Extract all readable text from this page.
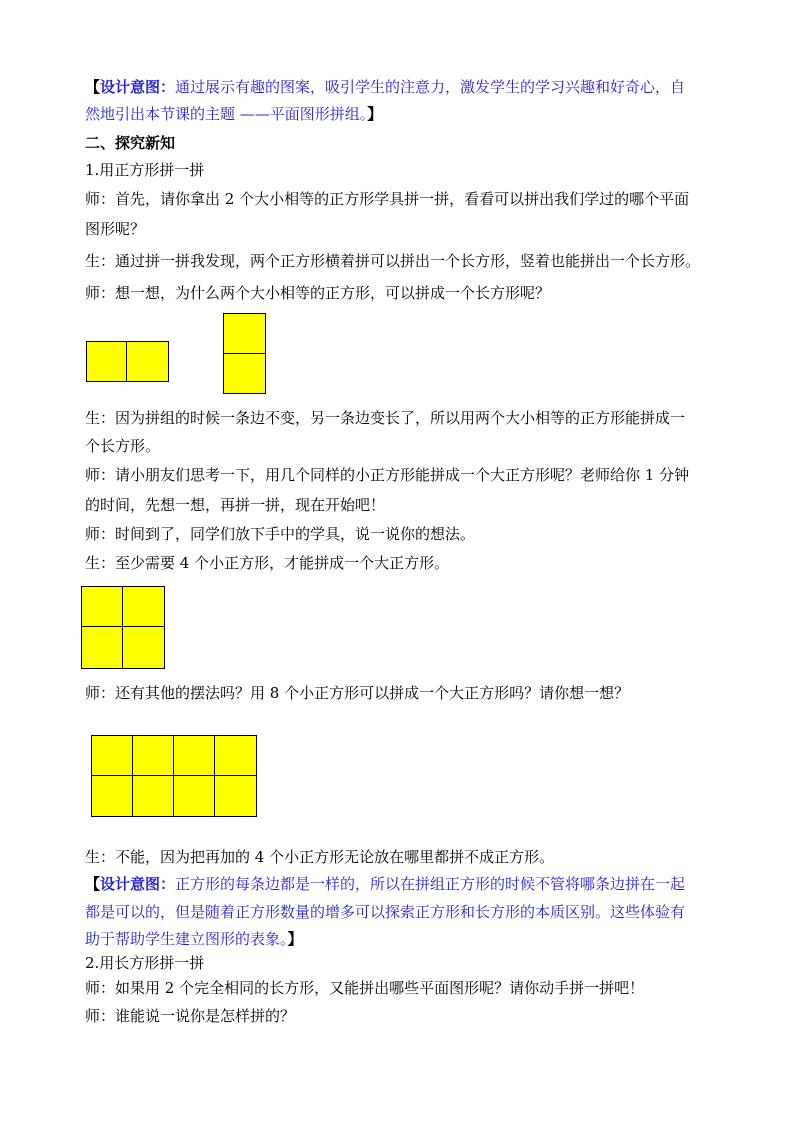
【设计意图：通过展示有趣的图案，吸引学生的注意力，激发学生的学习兴趣和好奇心，自
然地引出本节课的主题 ——平面图形拼组。】
二、探究新知
1.用正方形拼一拼
师：首先，请你拿出 2 个大小相等的正方形学具拼一拼，看看可以拼出我们学过的哪个平面
图形呢？
生：通过拼一拼我发现，两个正方形横着拼可以拼出一个长方形，竖着也能拼出一个长方形。
师：想一想，为什么两个大小相等的正方形，可以拼成一个长方形呢？
生：因为拼组的时候一条边不变，另一条边变长了，所以用两个大小相等的正方形能拼成一
个长方形。
师：请小朋友们思考一下，用几个同样的小正方形能拼成一个大正方形呢？老师给你 1 分钟
的时间，先想一想，再拼一拼，现在开始吧！
师：时间到了，同学们放下手中的学具，说一说你的想法。
生：至少需要 4 个小正方形，才能拼成一个大正方形。
师：还有其他的摆法吗？用 8 个小正方形可以拼成一个大正方形吗？请你想一想？
生：不能，因为把再加的 4 个小正方形无论放在哪里都拼不成正方形。
【设计意图：正方形的每条边都是一样的，所以在拼组正方形的时候不管将哪条边拼在一起
都是可以的，但是随着正方形数量的增多可以探索正方形和长方形的本质区别。这些体验有
助于帮助学生建立图形的表象。】
2.用长方形拼一拼
师：如果用 2 个完全相同的长方形，又能拼出哪些平面图形呢？请你动手拼一拼吧！
师：谁能说一说你是怎样拼的？
